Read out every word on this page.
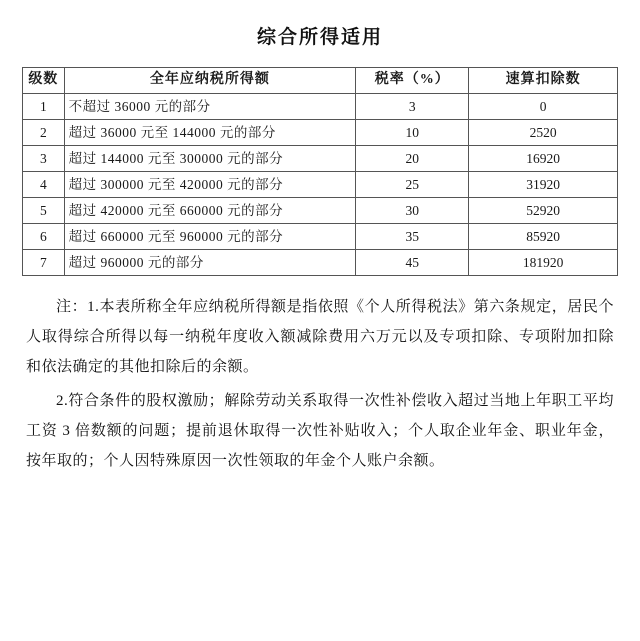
综合所得适用
级数	全年应纳税所得额	税率（%）	速算扣除数
1	不超过 36000 元的部分	3	0
2	超过 36000 元至 144000 元的部分	10	2520
3	超过 144000 元至 300000 元的部分	20	16920
4	超过 300000 元至 420000 元的部分	25	31920
5	超过 420000 元至 660000 元的部分	30	52920
6	超过 660000 元至 960000 元的部分	35	85920
7	超过 960000 元的部分	45	181920

注：1.本表所称全年应纳税所得额是指依照《个人所得税法》第六条规定，居民个人取得综合所得以每一纳税年度收入额减除费用六万元以及专项扣除、专项附加扣除和依法确定的其他扣除后的余额。

2.符合条件的股权激励；解除劳动关系取得一次性补偿收入超过当地上年职工平均工资 3 倍数额的问题；提前退休取得一次性补贴收入；个人取企业年金、职业年金，按年取的；个人因特殊原因一次性领取的年金个人账户余额。
